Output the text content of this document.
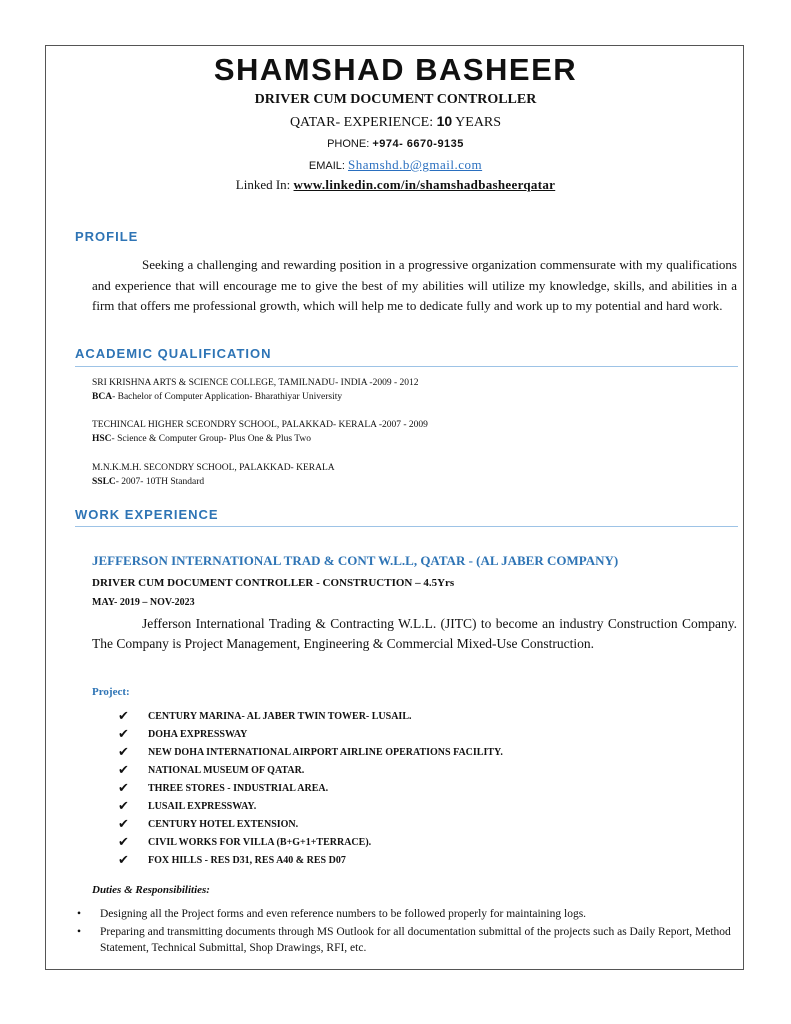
SHAMSHAD BASHEER
DRIVER CUM DOCUMENT CONTROLLER
QATAR- EXPERIENCE: 10 YEARS
PHONE: +974- 6670-9135
EMAIL: Shamshd.b@gmail.com
Linked In: www.linkedin.com/in/shamshadbasheerqatar
PROFILE
Seeking a challenging and rewarding position in a progressive organization commensurate with my qualifications and experience that will encourage me to give the best of my abilities will utilize my knowledge, skills, and abilities in a firm that offers me professional growth, which will help me to dedicate fully and work up to my potential and hard work.
ACADEMIC QUALIFICATION
SRI KRISHNA ARTS & SCIENCE COLLEGE, TAMILNADU- INDIA -2009 - 2012
BCA- Bachelor of Computer Application- Bharathiyar University
TECHINCAL HIGHER SCEONDRY SCHOOL, PALAKKAD- KERALA -2007 - 2009
HSC- Science & Computer Group- Plus One & Plus Two
M.N.K.M.H. SECONDRY SCHOOL, PALAKKAD- KERALA
SSLC- 2007- 10TH Standard
WORK EXPERIENCE
JEFFERSON INTERNATIONAL TRAD & CONT W.L.L, QATAR - (AL JABER COMPANY)
DRIVER CUM DOCUMENT CONTROLLER - CONSTRUCTION – 4.5Yrs
MAY- 2019 – NOV-2023
Jefferson International Trading & Contracting W.L.L. (JITC) to become an industry Construction Company. The Company is Project Management, Engineering & Commercial Mixed-Use Construction.
Project:
✔	CENTURY MARINA- AL JABER TWIN TOWER- LUSAIL.
✔	DOHA EXPRESSWAY
✔	NEW DOHA INTERNATIONAL AIRPORT AIRLINE OPERATIONS FACILITY.
✔	NATIONAL MUSEUM OF QATAR.
✔	THREE STORES - INDUSTRIAL AREA.
✔	LUSAIL EXPRESSWAY.
✔	CENTURY HOTEL EXTENSION.
✔	CIVIL WORKS FOR VILLA (B+G+1+TERRACE).
✔	FOX HILLS - RES D31, RES A40 & RES D07
Duties & Responsibilities:
• Designing all the Project forms and even reference numbers to be followed properly for maintaining logs.
• Preparing and transmitting documents through MS Outlook for all documentation submittal of the projects such as Daily Report, Method Statement, Technical Submittal, Shop Drawings, RFI, etc.
